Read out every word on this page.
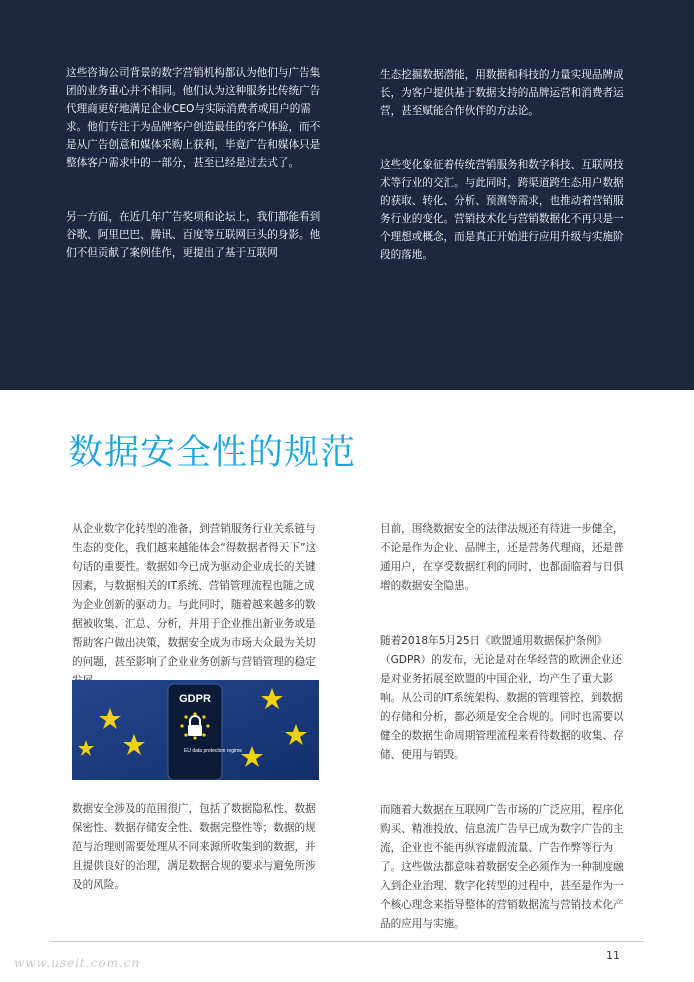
这些咨询公司背景的数字营销机构都认为他们与广告集团的业务重心并不相同。他们认为这种服务比传统广告代理商更好地满足企业CEO与实际消费者或用户的需求。他们专注于为品牌客户创造最佳的客户体验，而不是从广告创意和媒体采购上获利，毕竟广告和媒体只是整体客户需求中的一部分，甚至已经是过去式了。

另一方面，在近几年广告奖项和论坛上，我们都能看到谷歌、阿里巴巴、腾讯、百度等互联网巨头的身影。他们不但贡献了案例佳作，更提出了基于互联网

生态挖掘数据潜能，用数据和科技的力量实现品牌成长，为客户提供基于数据支持的品牌运营和消费者运营，甚至赋能合作伙伴的方法论。

这些变化象征着传统营销服务和数字科技、互联网技术等行业的交汇。与此同时，跨渠道跨生态用户数据的获取、转化、分析、预测等需求，也推动着营销服务行业的变化。营销技术化与营销数据化不再只是一个理想或概念，而是真正开始进行应用升级与实施阶段的落地。

数据安全性的规范

从企业数字化转型的准备，到营销服务行业关系链与生态的变化，我们越来越能体会“得数据者得天下”这句话的重要性。数据如今已成为驱动企业成长的关键因素，与数据相关的IT系统、营销管理流程也随之成为企业创新的驱动力。与此同时，随着越来越多的数据被收集、汇总、分析，并用于企业推出新业务或是帮助客户做出决策，数据安全成为市场大众最为关切的问题，甚至影响了企业业务创新与营销管理的稳定

GDPR
EU data protection regime

数据安全涉及的范围很广，包括了数据隐私性、数据保密性、数据存储安全性、数据完整性等；数据的规范与治理则需要处理从不同来源所收集到的数据，并且提供良好的治理，满足数据合规的要求与避免所涉及的风险。

目前，围绕数据安全的法律法规还有待进一步健全，不论是作为企业、品牌主，还是营务代理商，还是普通用户，在享受数据红利的同时，也都面临着与日俱增的数据安全隐患。

随着2018年5月25日《欧盟通用数据保护条例》（GDPR）的发布，无论是对在华经营的欧洲企业还是对业务拓展至欧盟的中国企业，均产生了重大影响。从公司的IT系统架构、数据的管理管控，到数据的存储和分析，都必须是安全合规的。同时也需要以健全的数据生命周期管理流程来看待数据的收集、存储、使用与销毁。

而随着大数据在互联网广告市场的广泛应用，程序化购买、精准投放、信息流广告早已成为数字广告的主流，企业也不能再纵容虚假流量、广告作弊等行为了。这些做法都意味着数据安全必须作为一种制度融入到企业治理、数字化转型的过程中，甚至是作为一个核心理念来指导整体的营销数据流与营销技术化产品的应用与实施。

11
www.useit.com.cn
